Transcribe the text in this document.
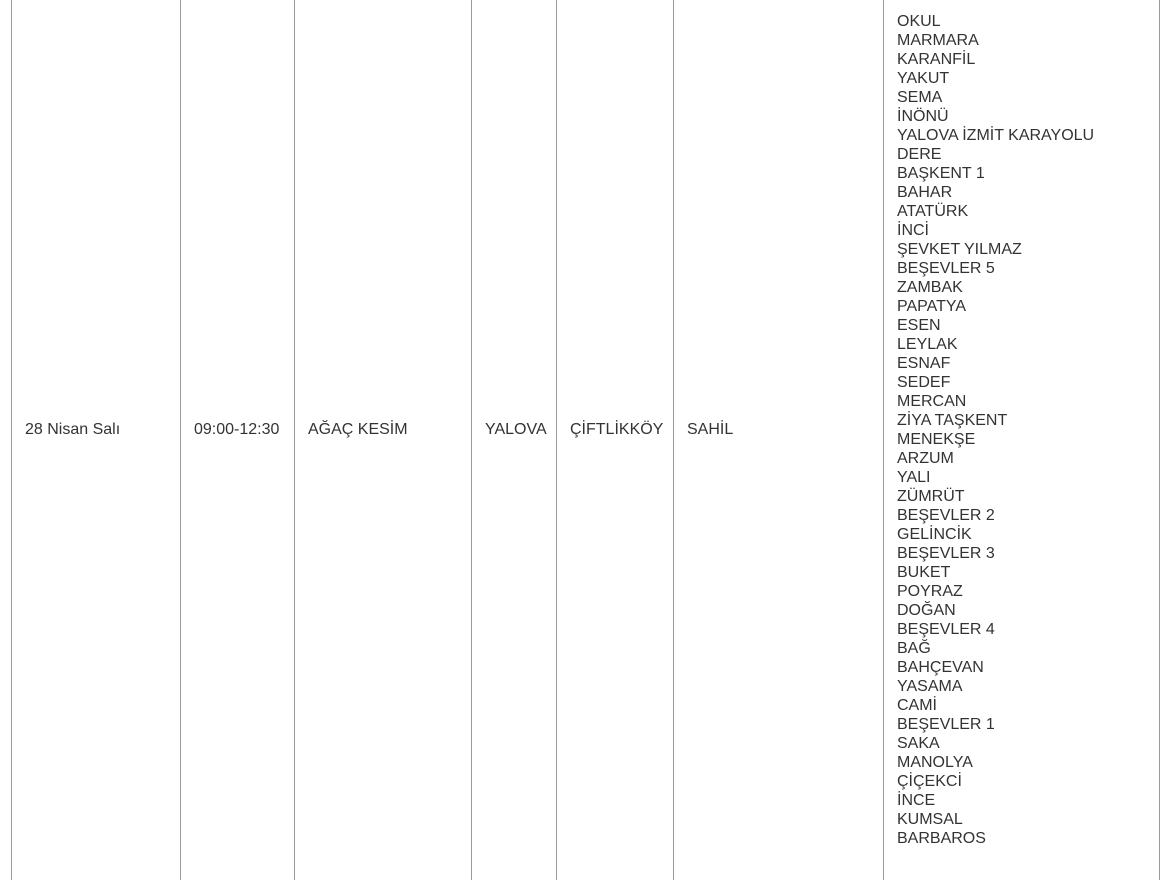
28 Nisan Salı	09:00-12:30	AĞAÇ KESİM	YALOVA	ÇİFTLİKKÖY	SAHİL	
OKUL
MARMARA
KARANFİL
YAKUT
SEMA
İNÖNÜ
YALOVA İZMİT KARAYOLU
DERE
BAŞKENT 1
BAHAR
ATATÜRK
İNCİ
ŞEVKET YILMAZ
BEŞEVLER 5
ZAMBAK
PAPATYA
ESEN
LEYLAK
ESNAF
SEDEF
MERCAN
ZİYA TAŞKENT
MENEKŞE
ARZUM
YALI
ZÜMRÜT
BEŞEVLER 2
GELİNCİK
BEŞEVLER 3
BUKET
POYRAZ
DOĞAN
BEŞEVLER 4
BAĞ
BAHÇEVAN
YASAMA
CAMİ
BEŞEVLER 1
SAKA
MANOLYA
ÇİÇEKCİ
İNCE
KUMSAL
BARBAROS
